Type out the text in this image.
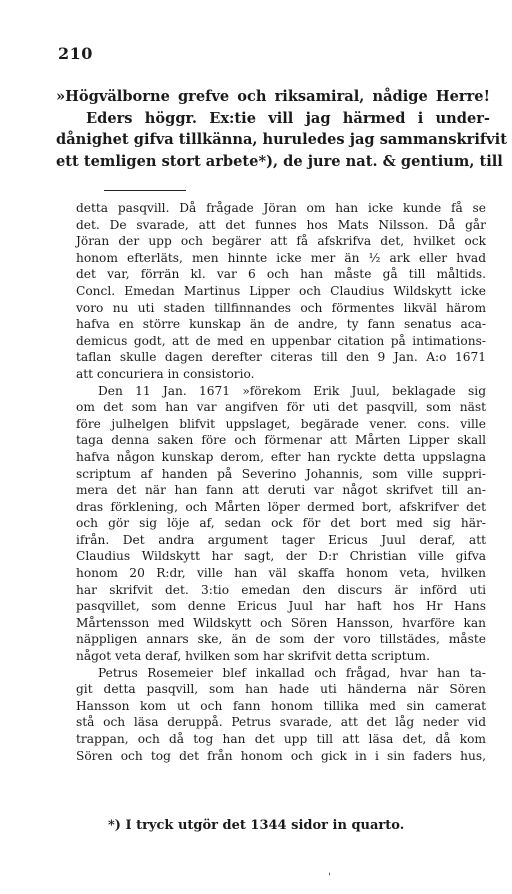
210
»Högvälborne grefve och riksamiral, nådige Herre!
Eders höggr. Ex:tie vill jag härmed i under-
dånighet gifva tillkänna, huruledes jag sammanskrifvit
ett temligen stort arbete*), de jure nat. & gentium, till
detta pasqvill. Då frågade Jöran om han icke kunde få se
det. De svarade, att det funnes hos Mats Nilsson. Då går
Jöran der upp och begärer att få afskrifva det, hvilket ock
honom efterläts, men hinnte icke mer än ½ ark eller hvad
det var, förrän kl. var 6 och han måste gå till måltids.
Concl. Emedan Martinus Lipper och Claudius Wildskytt icke
voro nu uti staden tillfinnandes och förmentes likväl härom
hafva en större kunskap än de andre, ty fann senatus aca-
demicus godt, att de med en uppenbar citation på intimations-
taflan skulle dagen derefter citeras till den 9 Jan. A:o 1671
att concuriera in consistorio.
Den 11 Jan. 1671 »förekom Erik Juul, beklagade sig
om det som han var angifven för uti det pasqvill, som näst
före julhelgen blifvit uppslaget, begärade vener. cons. ville
taga denna saken före och förmenar att Mårten Lipper skall
hafva någon kunskap derom, efter han ryckte detta uppslagna
scriptum af handen på Severino Johannis, som ville suppri-
mera det när han fann att deruti var något skrifvet till an-
dras förklening, och Mårten löper dermed bort, afskrifver det
och gör sig löje af, sedan ock för det bort med sig här-
ifrån. Det andra argument tager Ericus Juul deraf, att
Claudius Wildskytt har sagt, der D:r Christian ville gifva
honom 20 R:dr, ville han väl skaffa honom veta, hvilken
har skrifvit det. 3:tio emedan den discurs är införd uti
pasqvillet, som denne Ericus Juul har haft hos Hr Hans
Mårtensson med Wildskytt och Sören Hansson, hvarföre kan
näppligen annars ske, än de som der voro tillstädes, måste
något veta deraf, hvilken som har skrifvit detta scriptum.
Petrus Rosemeier blef inkallad och frågad, hvar han ta-
git detta pasqvill, som han hade uti händerna när Sören
Hansson kom ut och fann honom tillika med sin camerat
stå och läsa deruppå. Petrus svarade, att det låg neder vid
trappan, och då tog han det upp till att läsa det, då kom
Sören och tog det från honom och gick in i sin faders hus,
*) I tryck utgör det 1344 sidor in quarto.
ꞌ
